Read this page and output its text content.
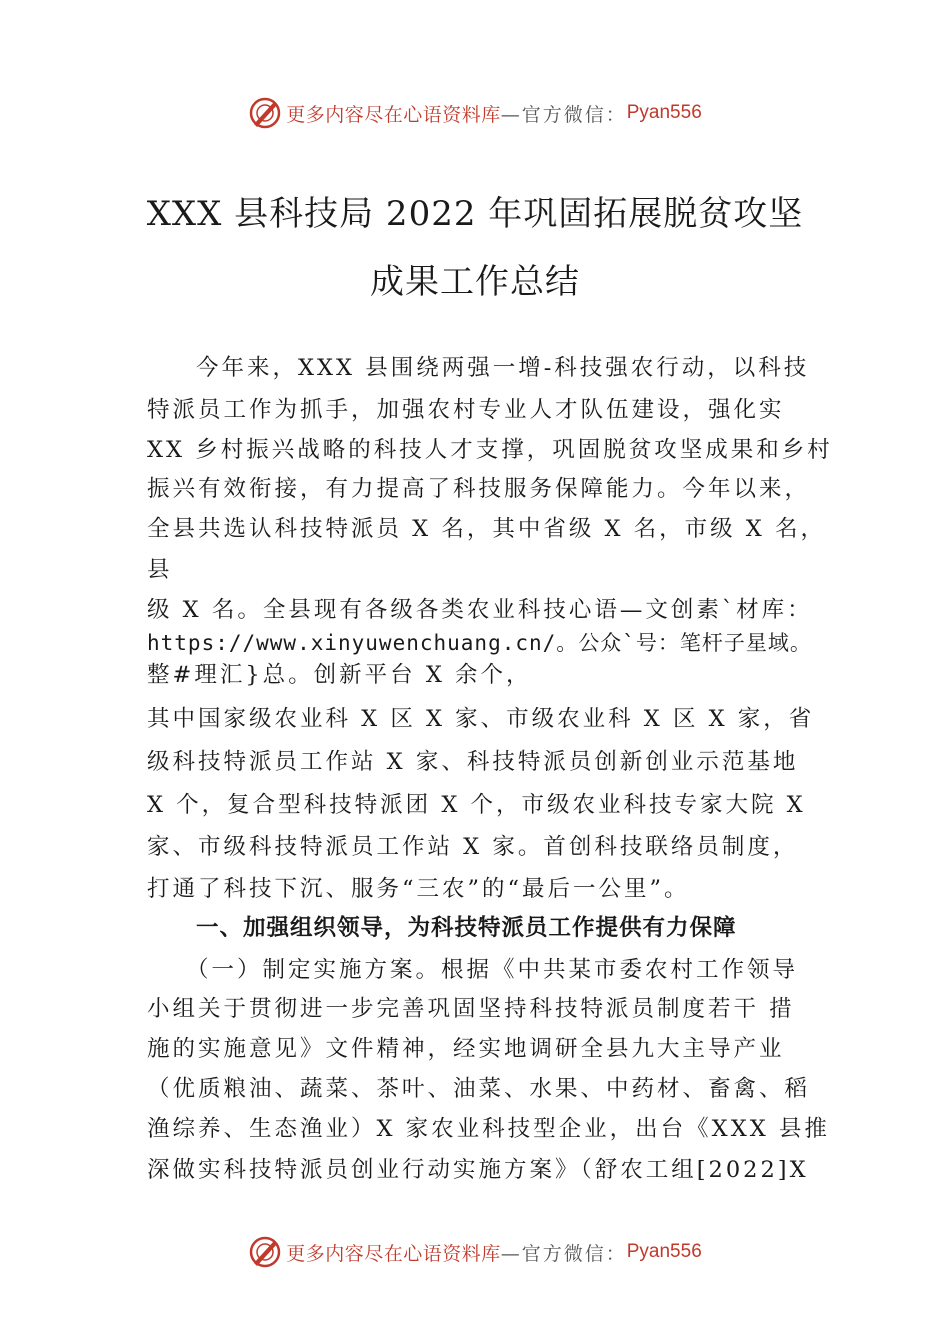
更多内容尽在心语资料库 —官方微信： Pyan556
XXX 县科技局 2022 年巩固拓展脱贫攻坚
成果工作总结
今年来，XXX 县围绕两强一增-科技强农行动，以科技
特派员工作为抓手，加强农村专业人才队伍建设，强化实
XX 乡村振兴战略的科技人才支撑，巩固脱贫攻坚成果和乡村
振兴有效衔接，有力提高了科技服务保障能力。今年以来，
全县共选认科技特派员 X 名，其中省级 X 名，市级 X 名，
县
级 X 名。全县现有各级各类农业科技心语—文创素`材库：
https://www.xinyuwenchuang.cn/。公众`号：笔杆子星域。
整#理汇}总。创新平台 X 余个，
其中国家级农业科 X 区 X 家、市级农业科 X 区 X 家，省
级科技特派员工作站 X 家、科技特派员创新创业示范基地
X 个，复合型科技特派团 X 个，市级农业科技专家大院 X
家、市级科技特派员工作站 X 家。首创科技联络员制度，
打通了科技下沉、服务“三农”的“最后一公里”。
一、加强组织领导，为科技特派员工作提供有力保障
（一）制定实施方案。根据《中共某市委农村工作领导
小组关于贯彻进一步完善巩固坚持科技特派员制度若干 措
施的实施意见》文件精神，经实地调研全县九大主导产业
（优质粮油、蔬菜、茶叶、油菜、水果、中药材、畜禽、稻
渔综养、生态渔业）X 家农业科技型企业，出台《XXX 县推
深做实科技特派员创业行动实施方案》（舒农工组[2022]X
更多内容尽在心语资料库 —官方微信： Pyan556
